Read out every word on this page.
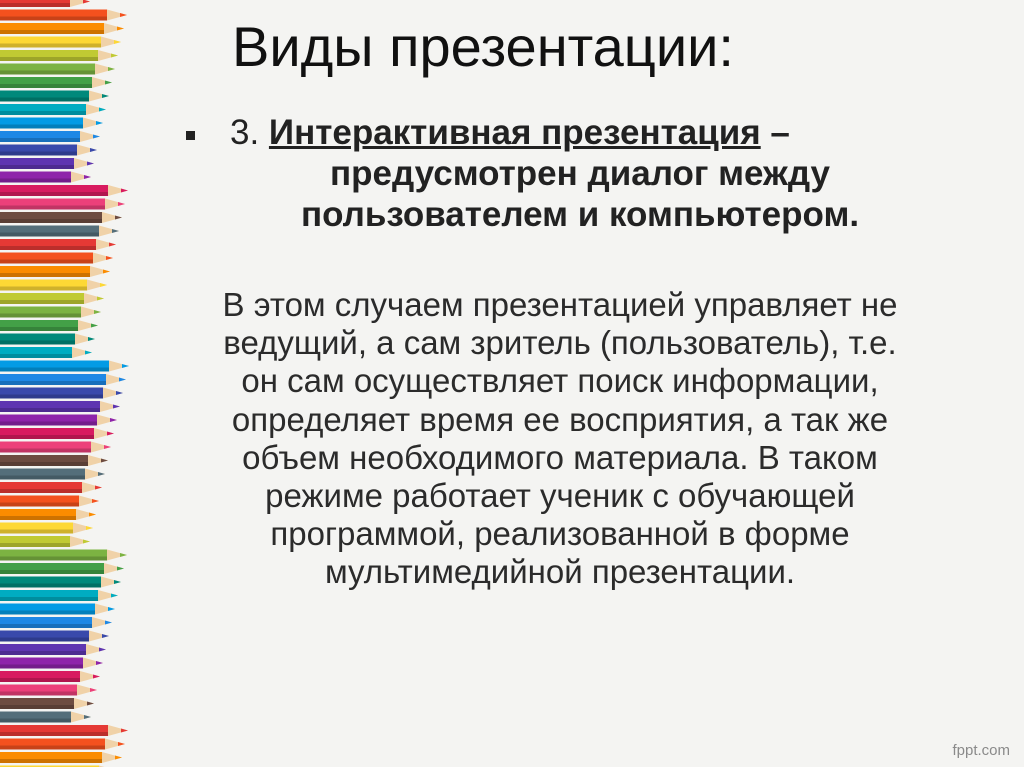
Виды презентации:
3. Интерактивная презентация –
предусмотрен диалог между
пользователем и компьютером.
В этом случаем презентацией управляет не
ведущий, а сам зритель (пользователь), т.е.
он сам осуществляет поиск информации,
определяет время ее восприятия, а так же
объем необходимого материала. В таком
режиме работает ученик с обучающей
программой, реализованной в форме
мультимедийной презентации.
fppt.com
